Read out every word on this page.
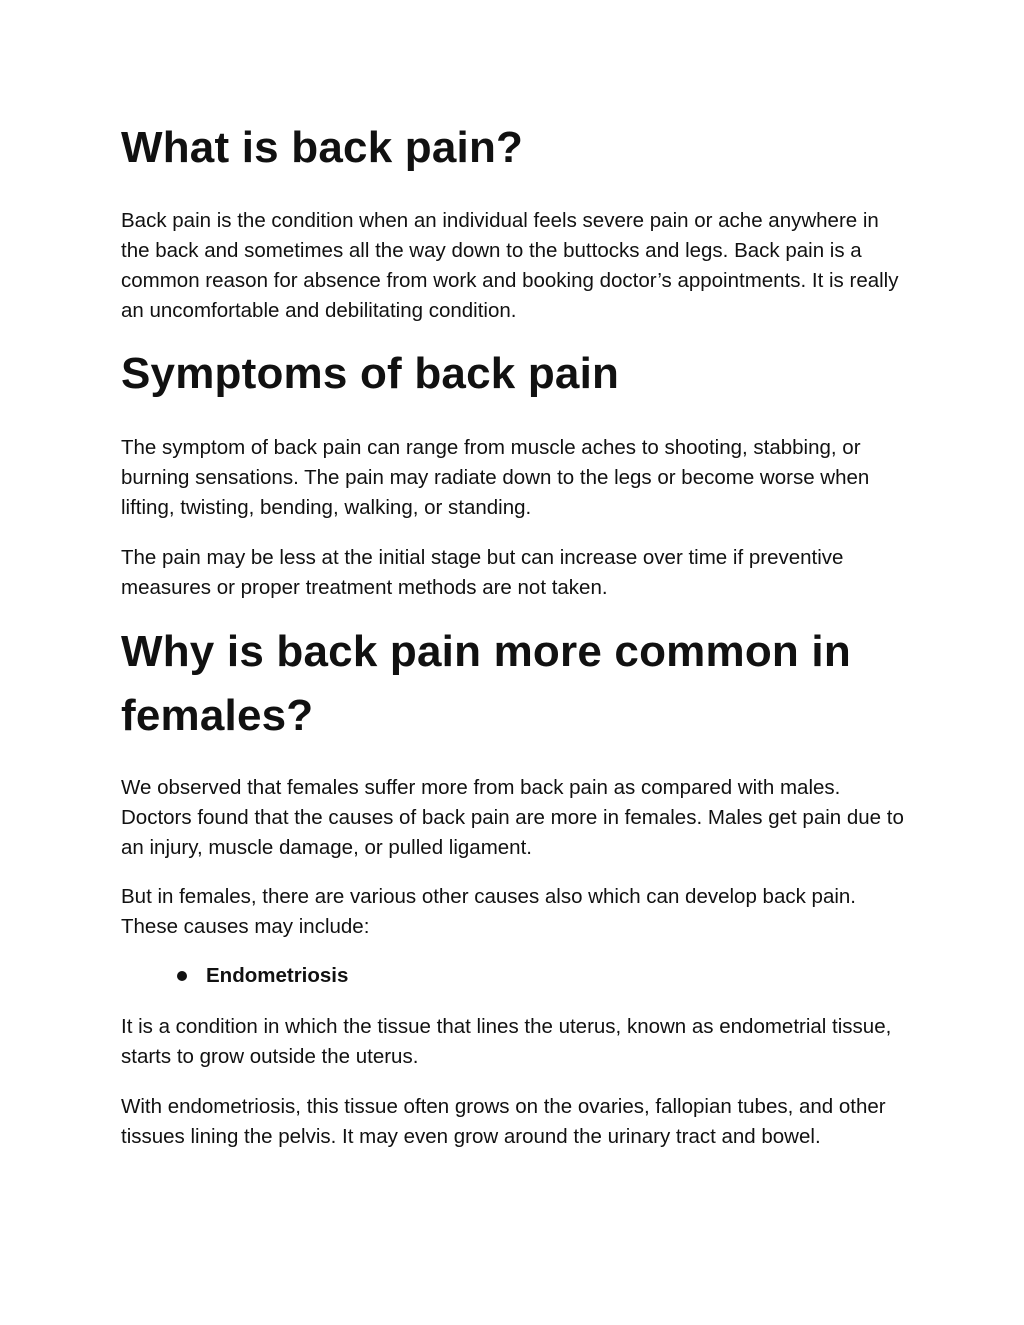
What is back pain?

Back pain is the condition when an individual feels severe pain or ache anywhere in the back and sometimes all the way down to the buttocks and legs. Back pain is a common reason for absence from work and booking doctor’s appointments. It is really an uncomfortable and debilitating condition.

Symptoms of back pain

The symptom of back pain can range from muscle aches to shooting, stabbing, or burning sensations. The pain may radiate down to the legs or become worse when lifting, twisting, bending, walking, or standing.

The pain may be less at the initial stage but can increase over time if preventive measures or proper treatment methods are not taken.

Why is back pain more common in females?

We observed that females suffer more from back pain as compared with males. Doctors found that the causes of back pain are more in females. Males get pain due to an injury, muscle damage, or pulled ligament.

But in females, there are various other causes also which can develop back pain. These causes may include:

Endometriosis

It is a condition in which the tissue that lines the uterus, known as endometrial tissue, starts to grow outside the uterus.

With endometriosis, this tissue often grows on the ovaries, fallopian tubes, and other tissues lining the pelvis. It may even grow around the urinary tract and bowel.
